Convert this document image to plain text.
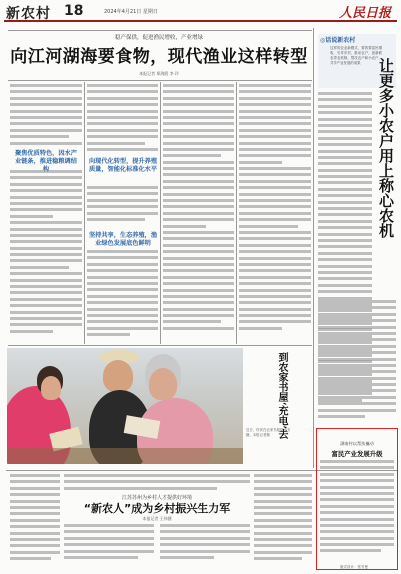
新农村 18	2024年4月21日 星期日	人民日报
稳产保供，促进渔民增收，产业增绿
向江河湖海要食物，现代渔业这样转型
本报记者 郑海鸥 李 玲
聚焦优质特色，因水产业链条，推进稳粮调结	向现代化转型，提升养殖质量，智能化标准化水平
坚持共享，生态养殖，渔业绿色发展底色鲜明
◎话说新农村
这样的农业新模式，要的要富民增收，引导乡村，推动农户，创新联农带农机制，帮扶农户和小农户，共享产业发展的成果	让更多小农户用上称心农机
到农家书屋‘充电’去
近日，村民在农家书屋阅读书籍。本报记者摄
江苏苏州为乡村人才提供好环境
“新农人”成为乡村振兴生力军
本报记者 王伟健
湖南村以帮扶撬动
富民产业发展升级
版式设计：张芳曼
